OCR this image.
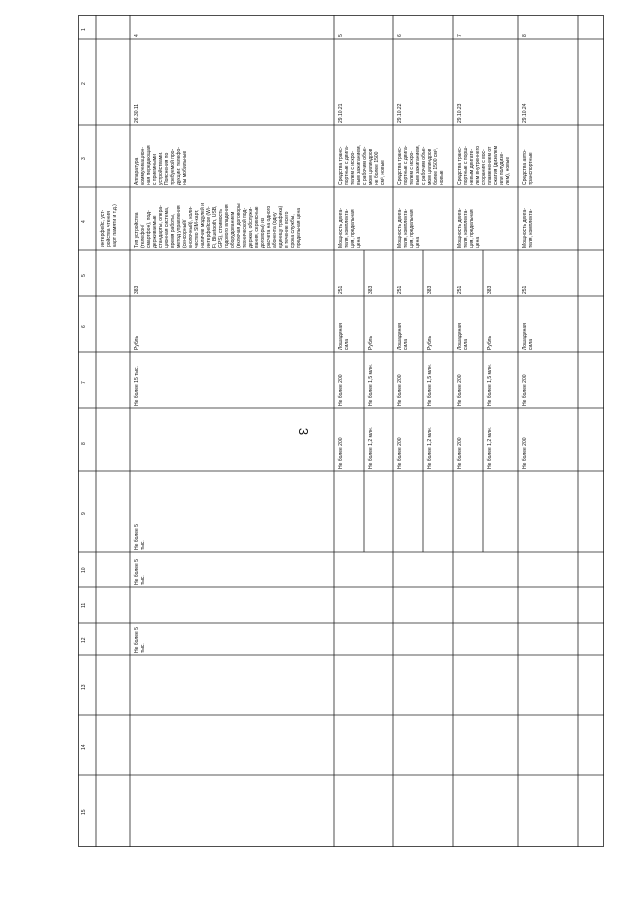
3
1
2
3
4
5
6
7
8
9
10
11
12
13
14
15
интерфейс, уст-
ройства чтения
карт памяти и т.д.)
4
26.30.11
Аппаратура
коммуникацион-
ная передающая
с приемными
устройствами.
Пояснения по
требуемой про-
дукции: телефо-
ны мобильные
Тип устройства
(телефон/
смартфон), под-
держиваемые
стандарты, опера-
ционная система,
время работы,
метод управления
(сенсорный/
кнопочный), коли-
чество SIM-карт,
наличие модулей и
интерфейсов (Wi-
Fi, Bluetooth, USB,
GPS), стоимость
годового владения
оборудованием
(включая договоры
технической под-
держки, обслужи-
вания, сервисные
договоры) из
расчета на одного
абонента (одну
единицу трафика)
в течение всего
срока службы,
предельная цена
383
Рубль
Не более 15 тыс.
Не более 5
тыс.
Не более 5
тыс.
Не более 5
тыс.
5
29.10.21
Средства транс-
портные с двига-
телем с искро-
вым зажиганием,
с рабочим объе-
мом цилиндров
не более 1500
см³, новые
Мощность двига-
теля, комплекта-
ция, предельная
цена
251
Лошадиная
сила
Не более 200
Не более 200
383
Рубль
Не более 1,5 млн.
Не более 1,2 млн.
6
29.10.22
Средства транс-
портные с двига-
телем с искро-
вым зажиганием,
с рабочим объе-
мом цилиндров
более 1500 см³,
новые
Мощность двига-
теля, комплекта-
ция, предельная
цена
251
Лошадиная
сила
Не более 200
Не более 200
383
Рубль
Не более 1,5 млн.
Не более 1,2 млн.
7
29.10.23
Средства транс-
портные с порш-
невым двигате-
лем внутреннего
сгорания с вос-
пламенением от
сжатия (дизелем
или полудизе-
лем), новые
Мощность двига-
теля, комплекта-
ция, предельная
цена
251
Лошадиная
сила
Не более 200
Не более 200
383
Рубль
Не более 1,5 млн.
Не более 1,2 млн.
8
29.10.24
Средства авто-
транспортные
Мощность двига-
теля, комплекта-
251
Лошадиная
сила
Не более 200
Не более 200
